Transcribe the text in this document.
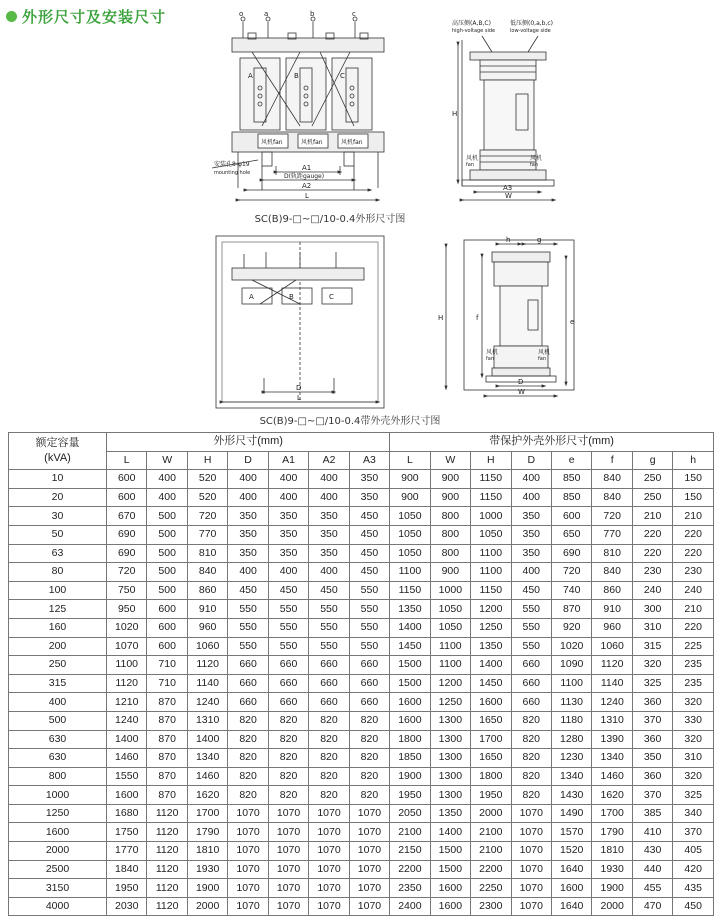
外形尺寸及安装尺寸	o	a	b	c
A	B	C
风机fan	风机fan	风机fan
A1
D(轨距gauge)
A2
L
安装孔8-φ19
mounting hole
高压侧(A,B,C)
high-voltage side
低压侧(0,a,b,c)
low-voltage side
H
A3
W
风机
fan
风机
fan
A	B	C
D
L
h	g
H	f	e
D
W
风机
fan
风机
fan
SC(B)9-□~□/10-0.4外形尺寸图
SC(B)9-□~□/10-0.4带外壳外形尺寸图
额定容量
(kVA)	外形尺寸(mm)							带保护外壳外形尺寸(mm)							
	L	W	H	D	A1	A2	A3	L	W	H	D	e	f	g	h
10	600	400	520	400	400	400	350	900	900	1150	400	850	840	250	150
20	600	400	520	400	400	400	350	900	900	1150	400	850	840	250	150
30	670	500	720	350	350	350	450	1050	800	1000	350	600	720	210	210
50	690	500	770	350	350	350	450	1050	800	1050	350	650	770	220	220
63	690	500	810	350	350	350	450	1050	800	1100	350	690	810	220	220
80	720	500	840	400	400	400	450	1100	900	1100	400	720	840	230	230
100	750	500	860	450	450	450	550	1150	1000	1150	450	740	860	240	240
125	950	600	910	550	550	550	550	1350	1050	1200	550	870	910	300	210
160	1020	600	960	550	550	550	550	1400	1050	1250	550	920	960	310	220
200	1070	600	1060	550	550	550	550	1450	1100	1350	550	1020	1060	315	225
250	1100	710	1120	660	660	660	660	1500	1100	1400	660	1090	1120	320	235
315	1120	710	1140	660	660	660	660	1500	1200	1450	660	1100	1140	325	235
400	1210	870	1240	660	660	660	660	1600	1250	1600	660	1130	1240	360	320
500	1240	870	1310	820	820	820	820	1600	1300	1650	820	1180	1310	370	330
630	1400	870	1400	820	820	820	820	1800	1300	1700	820	1280	1390	360	320
630	1460	870	1340	820	820	820	820	1850	1300	1650	820	1230	1340	350	310
800	1550	870	1460	820	820	820	820	1900	1300	1800	820	1340	1460	360	320
1000	1600	870	1620	820	820	820	820	1950	1300	1950	820	1430	1620	370	325
1250	1680	1120	1700	1070	1070	1070	1070	2050	1350	2000	1070	1490	1700	385	340
1600	1750	1120	1790	1070	1070	1070	1070	2100	1400	2100	1070	1570	1790	410	370
2000	1770	1120	1810	1070	1070	1070	1070	2150	1500	2100	1070	1520	1810	430	405
2500	1840	1120	1930	1070	1070	1070	1070	2200	1500	2200	1070	1640	1930	440	420
3150	1950	1120	1900	1070	1070	1070	1070	2350	1600	2250	1070	1600	1900	455	435
4000	2030	1120	2000	1070	1070	1070	1070	2400	1600	2300	1070	1640	2000	470	450
